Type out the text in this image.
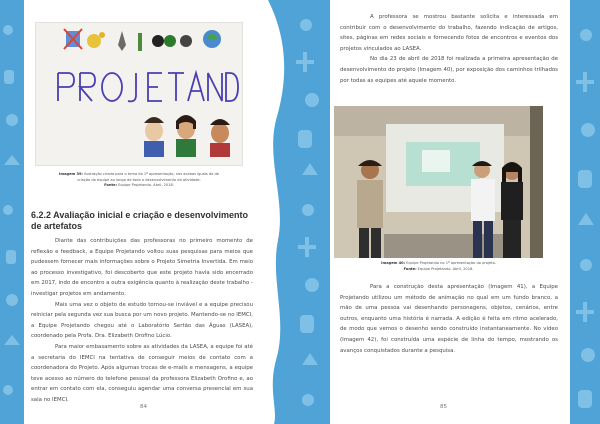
Imagem 39: Ilustração criada para o tema do 1º apresentação, nos acabas iguais do de

criação da equipe ao longo de todo o desenvolvimento da atividade.

Fonte: Equipe Projetando. Abril, 2018.

6.2.2 Avaliação inicial e criação e desenvolvimento de artefatos

Diante das contribuições das professoras no primeiro momento de reflexão e feedback, a Equipe Projetando voltou suas pesquisas para meios que pudessem fornecer mais informações sobre o Projeto Simetria Invertida. Em meio ao processo investigativo, foi descoberto que este projeto havia sido encerrado em 2017, indo de encontro a outra exigência quanto à realização deste trabalho - investigar projetos em andamento.

Mais uma vez o objeto de estudo tornou-se inviável e a equipe precisou reiniciar pela segunda vez sua busca por um novo projeto. Mantendo-se no IEMCI, a Equipe Projetando chegou até o Laboratório Sertão das Águas (LASEA), coordenado pela Profa. Dra. Elizabeth Orofino Lúcio.

Para maior embasamento sobre as atividades da LASEA, a equipe foi até a secretaria do IEMCI na tentativa de conseguir meios de contato com a coordenadora do Projeto. Após algumas trocas de e-mails e mensagens, a equipe teve acesso ao número do telefone pessoal da professora Elizabeth Orofino e, ao entrar em contato com ela, conseguiu agendar uma conversa presencial em sua sala no IEMCI.

84

A professora se mostrou bastante solícita e interessada em contribuir com o desenvolvimento do trabalho, fazendo indicação de artigos, sites, páginas em redes sociais e fornecendo fotos de encontros e eventos dos projetos vinculados ao LASEA.

No dia 23 de abril de 2018 foi realizada a primeira apresentação de desenvolvimento do projeto (Imagem 40), por exposição dos caminhos trilhados por todas as equipes até aquele momento.

Imagem 40: Equipe Projetando no 1º apresentação do projeto.

Fonte: Equipe Projetando. Abril, 2018.

Para a construção desta apresentação (Imagem 41), a Equipe Projetando utilizou um método de animação no qual em um fundo branco, a mão de uma pessoa vai desenhando personagens, objetos, cenários, entre outros, enquanto uma história é narrada. A edição é feita em ritmo acelerado, de modo que vemos o desenho sendo construído instantaneamente. No vídeo (Imagem 42), foi construída uma espécie de linha do tempo, mostrando os avanços conquistados durante a pesquisa.

85
